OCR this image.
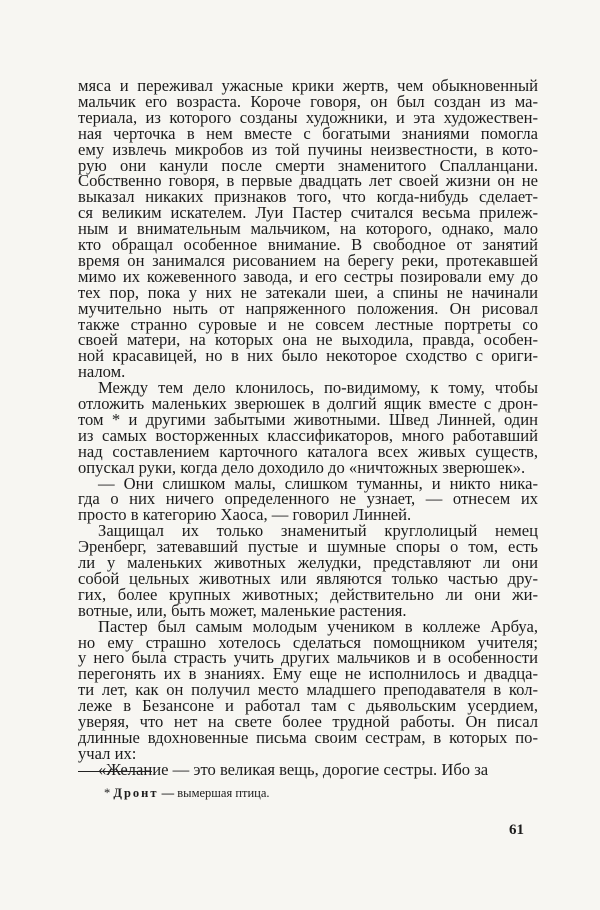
мяса и переживал ужасные крики жертв, чем обыкновенный
мальчик его возраста. Короче говоря, он был создан из ма-
териала, из которого созданы художники, и эта художествен-
ная черточка в нем вместе с богатыми знаниями помогла
ему извлечь микробов из той пучины неизвестности, в кото-
рую они канули после смерти знаменитого Спалланцани.
Собственно говоря, в первые двадцать лет своей жизни он не
выказал никаких признаков того, что когда-нибудь сделает-
ся великим искателем. Луи Пастер считался весьма прилеж-
ным и внимательным мальчиком, на которого, однако, мало
кто обращал особенное внимание. В свободное от занятий
время он занимался рисованием на берегу реки, протекавшей
мимо их кожевенного завода, и его сестры позировали ему до
тех пор, пока у них не затекали шеи, а спины не начинали
мучительно ныть от напряженного положения. Он рисовал
также странно суровые и не совсем лестные портреты со
своей матери, на которых она не выходила, правда, особен-
ной красавицей, но в них было некоторое сходство с ориги-
налом.
Между тем дело клонилось, по-видимому, к тому, чтобы
отложить маленьких зверюшек в долгий ящик вместе с дрон-
том * и другими забытыми животными. Швед Линней, один
из самых восторженных классификаторов, много работавший
над составлением карточного каталога всех живых существ,
опускал руки, когда дело доходило до «ничтожных зверюшек».
— Они слишком малы, слишком туманны, и никто ника-
гда о них ничего определенного не узнает, — отнесем их
просто в категорию Хаоса, — говорил Линней.
Защищал их только знаменитый круглолицый немец
Эренберг, затевавший пустые и шумные споры о том, есть
ли у маленьких животных желудки, представляют ли они
собой цельных животных или являются только частью дру-
гих, более крупных животных; действительно ли они жи-
вотные, или, быть может, маленькие растения.
Пастер был самым молодым учеником в коллеже Арбуа,
но ему страшно хотелось сделаться помощником учителя;
у него была страсть учить других мальчиков и в особенности
перегонять их в знаниях. Ему еще не исполнилось и двадца-
ти лет, как он получил место младшего преподавателя в кол-
леже в Безансоне и работал там с дьявольским усердием,
уверяя, что нет на свете более трудной работы. Он писал
длинные вдохновенные письма своим сестрам, в которых по-
учал их:
«Желание — это великая вещь, дорогие сестры. Ибо за
* Дронт — вымершая птица.
61
